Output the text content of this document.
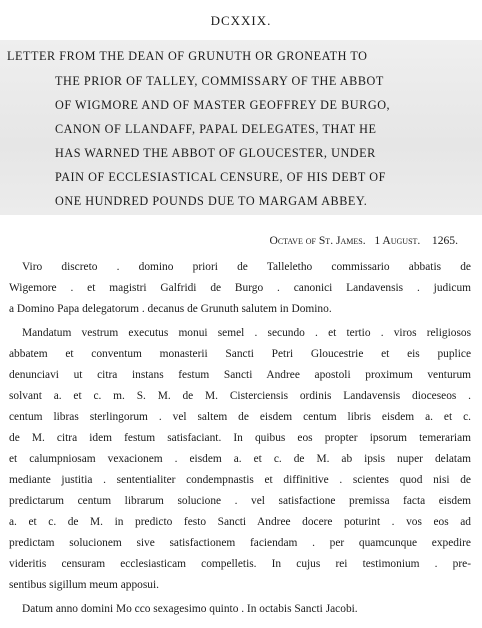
DCXXIX.
LETTER FROM THE DEAN OF GRUNUTH OR GRONEATH TO
THE PRIOR OF TALLEY, COMMISSARY OF THE ABBOT
OF WIGMORE AND OF MASTER GEOFFREY DE BURGO,
CANON OF LLANDAFF, PAPAL DELEGATES, THAT HE
HAS WARNED THE ABBOT OF GLOUCESTER, UNDER
PAIN OF ECCLESIASTICAL CENSURE, OF HIS DEBT OF
ONE HUNDRED POUNDS DUE TO MARGAM ABBEY.
Octave of St. James.   1 August.    1265.
Viro discreto . domino priori de Talleletho commissario abbatis de
Wigemore . et magistri Galfridi de Burgo . canonici Landavensis . judicum
a Domino Papa delegatorum . decanus de Grunuth salutem in Domino.
Mandatum vestrum executus monui semel . secundo . et tertio . viros religiosos
abbatem et conventum monasterii Sancti Petri Gloucestrie et eis puplice
denunciavi ut citra instans festum Sancti Andree apostoli proximum venturum
solvant a. et c. m. S. M. de M. Cisterciensis ordinis Landavensis dioceseos .
centum libras sterlingorum . vel saltem de eisdem centum libris eisdem a. et c.
de M. citra idem festum satisfaciant. In quibus eos propter ipsorum temerariam
et calumpniosam vexacionem . eisdem a. et c. de M. ab ipsis nuper delatam
mediante justitia . sententialiter condempnastis et diffinitive . scientes quod nisi de
predictarum centum librarum solucione . vel satisfactione premissa facta eisdem
a. et c. de M. in predicto festo Sancti Andree docere poturint . vos eos ad
predictam solucionem sive satisfactionem faciendam . per quamcunque expedire
videritis censuram ecclesiasticam compelletis. In cujus rei testimonium . pre-
sentibus sigillum meum apposui.
Datum anno domini Mo cco sexagesimo quinto . In octabis Sancti Jacobi.
